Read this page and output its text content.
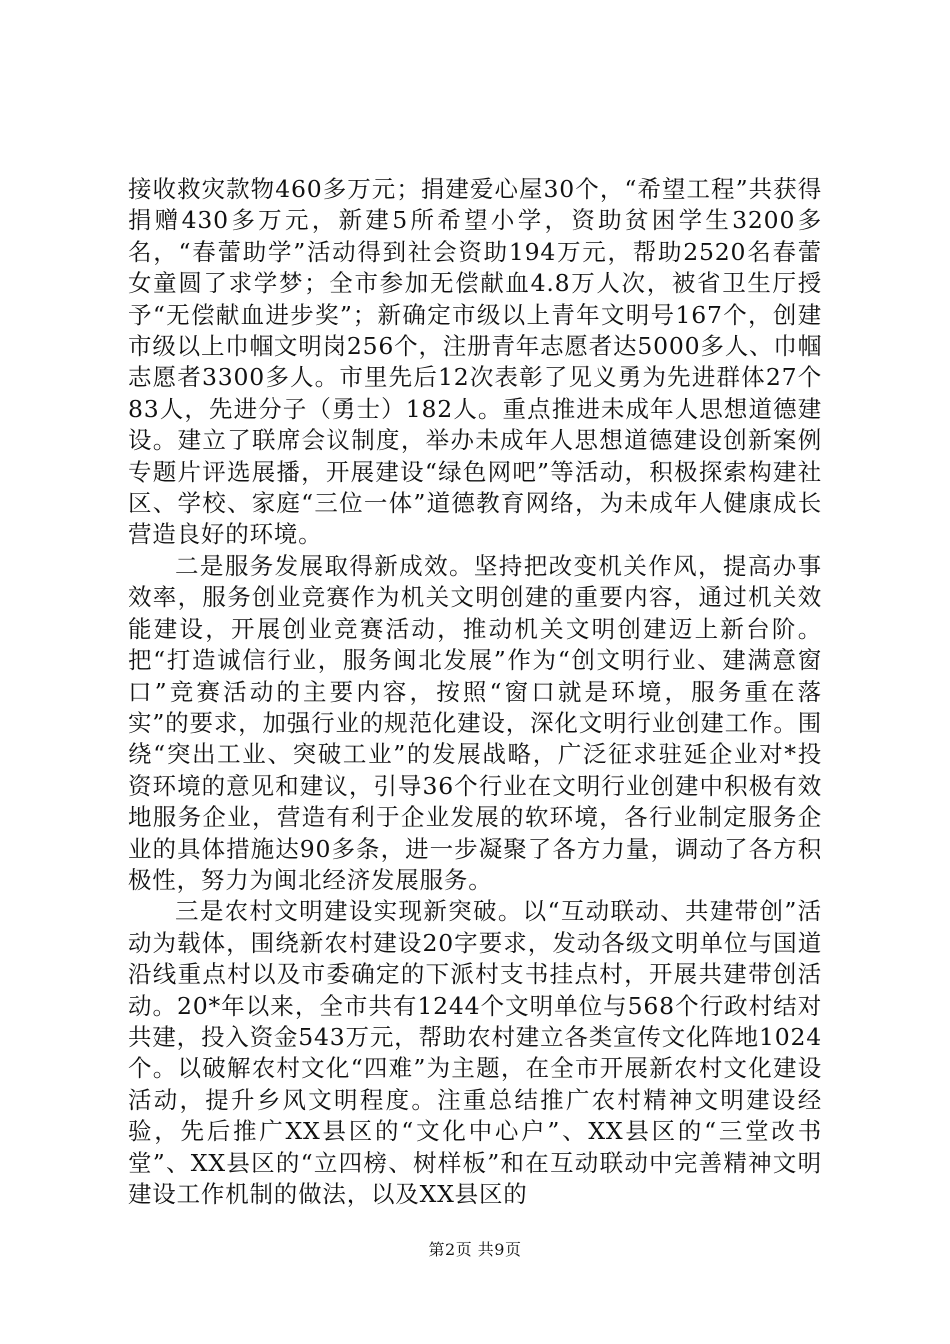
接收救灾款物460多万元；捐建爱心屋30个，“希望工程”共获得捐赠430多万元，新建5所希望小学，资助贫困学生3200多名，“春蕾助学”活动得到社会资助194万元，帮助2520名春蕾女童圆了求学梦；全市参加无偿献血4.8万人次，被省卫生厅授予“无偿献血进步奖”；新确定市级以上青年文明号167个，创建市级以上巾帼文明岗256个，注册青年志愿者达5000多人、巾帼志愿者3300多人。市里先后12次表彰了见义勇为先进群体27个83人，先进分子（勇士）182人。重点推进未成年人思想道德建设。建立了联席会议制度，举办未成年人思想道德建设创新案例专题片评选展播，开展建设“绿色网吧”等活动，积极探索构建社区、学校、家庭“三位一体”道德教育网络，为未成年人健康成长营造良好的环境。

二是服务发展取得新成效。坚持把改变机关作风，提高办事效率，服务创业竞赛作为机关文明创建的重要内容，通过机关效能建设，开展创业竞赛活动，推动机关文明创建迈上新台阶。把“打造诚信行业，服务闽北发展”作为“创文明行业、建满意窗口”竞赛活动的主要内容，按照“窗口就是环境，服务重在落实”的要求，加强行业的规范化建设，深化文明行业创建工作。围绕“突出工业、突破工业”的发展战略，广泛征求驻延企业对*投资环境的意见和建议，引导36个行业在文明行业创建中积极有效地服务企业，营造有利于企业发展的软环境，各行业制定服务企业的具体措施达90多条，进一步凝聚了各方力量，调动了各方积极性，努力为闽北经济发展服务。

三是农村文明建设实现新突破。以“互动联动、共建带创”活动为载体，围绕新农村建设20字要求，发动各级文明单位与国道沿线重点村以及市委确定的下派村支书挂点村，开展共建带创活动。20*年以来，全市共有1244个文明单位与568个行政村结对共建，投入资金543万元，帮助农村建立各类宣传文化阵地1024个。以破解农村文化“四难”为主题，在全市开展新农村文化建设活动，提升乡风文明程度。注重总结推广农村精神文明建设经验，先后推广XX县区的“文化中心户”、XX县区的“三堂改书堂”、XX县区的“立四榜、树样板”和在互动联动中完善精神文明建设工作机制的做法，以及XX县区的

第2页 共9页
